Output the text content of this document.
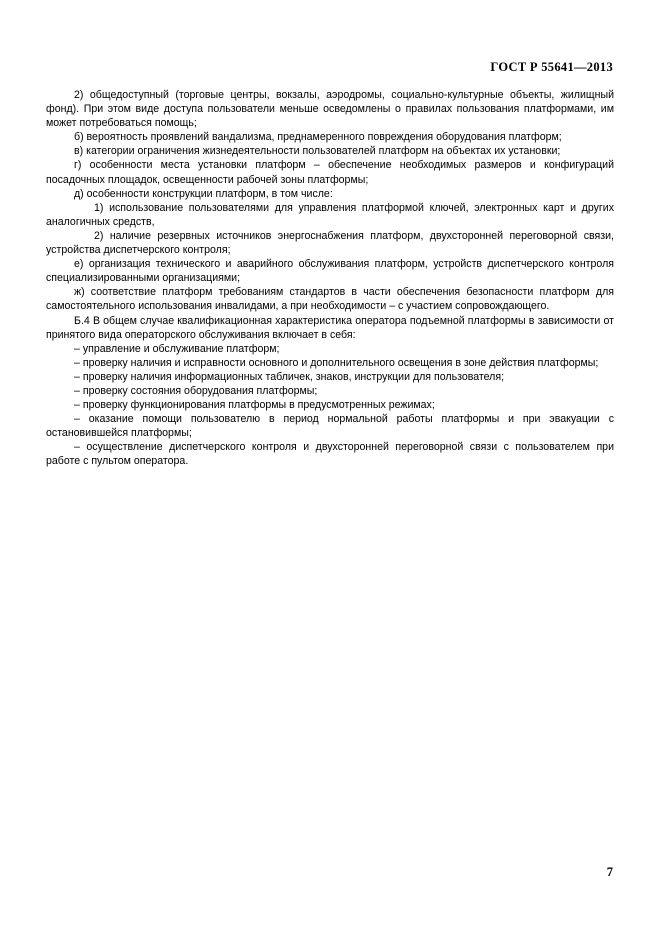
ГОСТ Р 55641—2013

2) общедоступный (торговые центры, вокзалы, аэродромы, социально-культурные объекты, жилищный фонд). При этом виде доступа пользователи меньше осведомлены о правилах пользования платформами, им может потребоваться помощь;

б) вероятность проявлений вандализма, преднамеренного повреждения оборудования платформ;

в) категории ограничения жизнедеятельности пользователей платформ на объектах их установки;

г) особенности места установки платформ – обеспечение необходимых размеров и конфигураций посадочных площадок, освещенности рабочей зоны платформы;

д) особенности конструкции платформ, в том числе:

1) использование пользователями для управления платформой ключей, электронных карт и других аналогичных средств,

2) наличие резервных источников энергоснабжения платформ, двухсторонней переговорной связи, устройства диспетчерского контроля;

е) организация технического и аварийного обслуживания платформ, устройств диспетчерского контроля специализированными организациями;

ж) соответствие платформ требованиям стандартов в части обеспечения безопасности платформ для самостоятельного использования инвалидами, а при необходимости – с участием сопровождающего.

Б.4 В общем случае квалификационная характеристика оператора подъемной платформы в зависимости от принятого вида операторского обслуживания включает в себя:

– управление и обслуживание платформ;

– проверку наличия и исправности основного и дополнительного освещения в зоне действия платформы;

– проверку наличия информационных табличек, знаков, инструкции для пользователя;

– проверку состояния оборудования платформы;

– проверку функционирования платформы в предусмотренных режимах;

– оказание помощи пользователю в период нормальной работы платформы и при эвакуации с остановившейся платформы;

– осуществление диспетчерского контроля и двухсторонней переговорной связи с пользователем при работе с пультом оператора.

7
